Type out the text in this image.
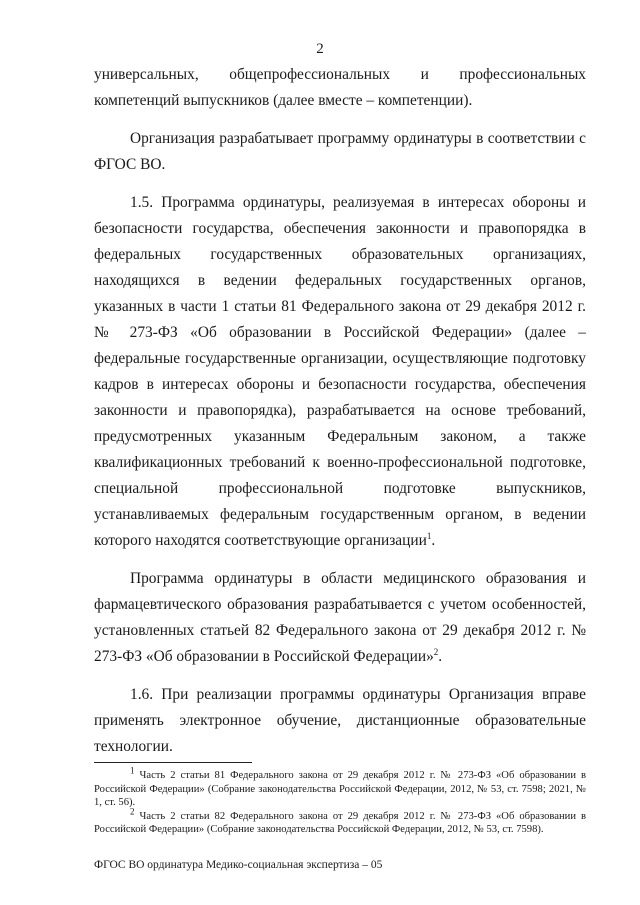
2

универсальных, общепрофессиональных и профессиональных компетенций выпускников (далее вместе – компетенции).

Организация разрабатывает программу ординатуры в соответствии с ФГОС ВО.

1.5. Программа ординатуры, реализуемая в интересах обороны и безопасности государства, обеспечения законности и правопорядка в федеральных государственных образовательных организациях, находящихся в ведении федеральных государственных органов, указанных в части 1 статьи 81 Федерального закона от 29 декабря 2012 г. № 273-ФЗ «Об образовании в Российской Федерации» (далее – федеральные государственные организации, осуществляющие подготовку кадров в интересах обороны и безопасности государства, обеспечения законности и правопорядка), разрабатывается на основе требований, предусмотренных указанным Федеральным законом, а также квалификационных требований к военно-профессиональной подготовке, специальной профессиональной подготовке выпускников, устанавливаемых федеральным государственным органом, в ведении которого находятся соответствующие организации$^1$.

Программа ординатуры в области медицинского образования и фармацевтического образования разрабатывается с учетом особенностей, установленных статьей 82 Федерального закона от 29 декабря 2012 г. № 273-ФЗ «Об образовании в Российской Федерации»$^2$.

1.6. При реализации программы ординатуры Организация вправе применять электронное обучение, дистанционные образовательные технологии.

$^1$ Часть 2 статьи 81 Федерального закона от 29 декабря 2012 г. № 273-ФЗ «Об образовании в Российской Федерации» (Собрание законодательства Российской Федерации, 2012, № 53, ст. 7598; 2021, № 1, ст. 56).

$^2$ Часть 2 статьи 82 Федерального закона от 29 декабря 2012 г. № 273-ФЗ «Об образовании в Российской Федерации» (Собрание законодательства Российской Федерации, 2012, № 53, ст. 7598).

ФГОС ВО ординатура Медико-социальная экспертиза – 05
